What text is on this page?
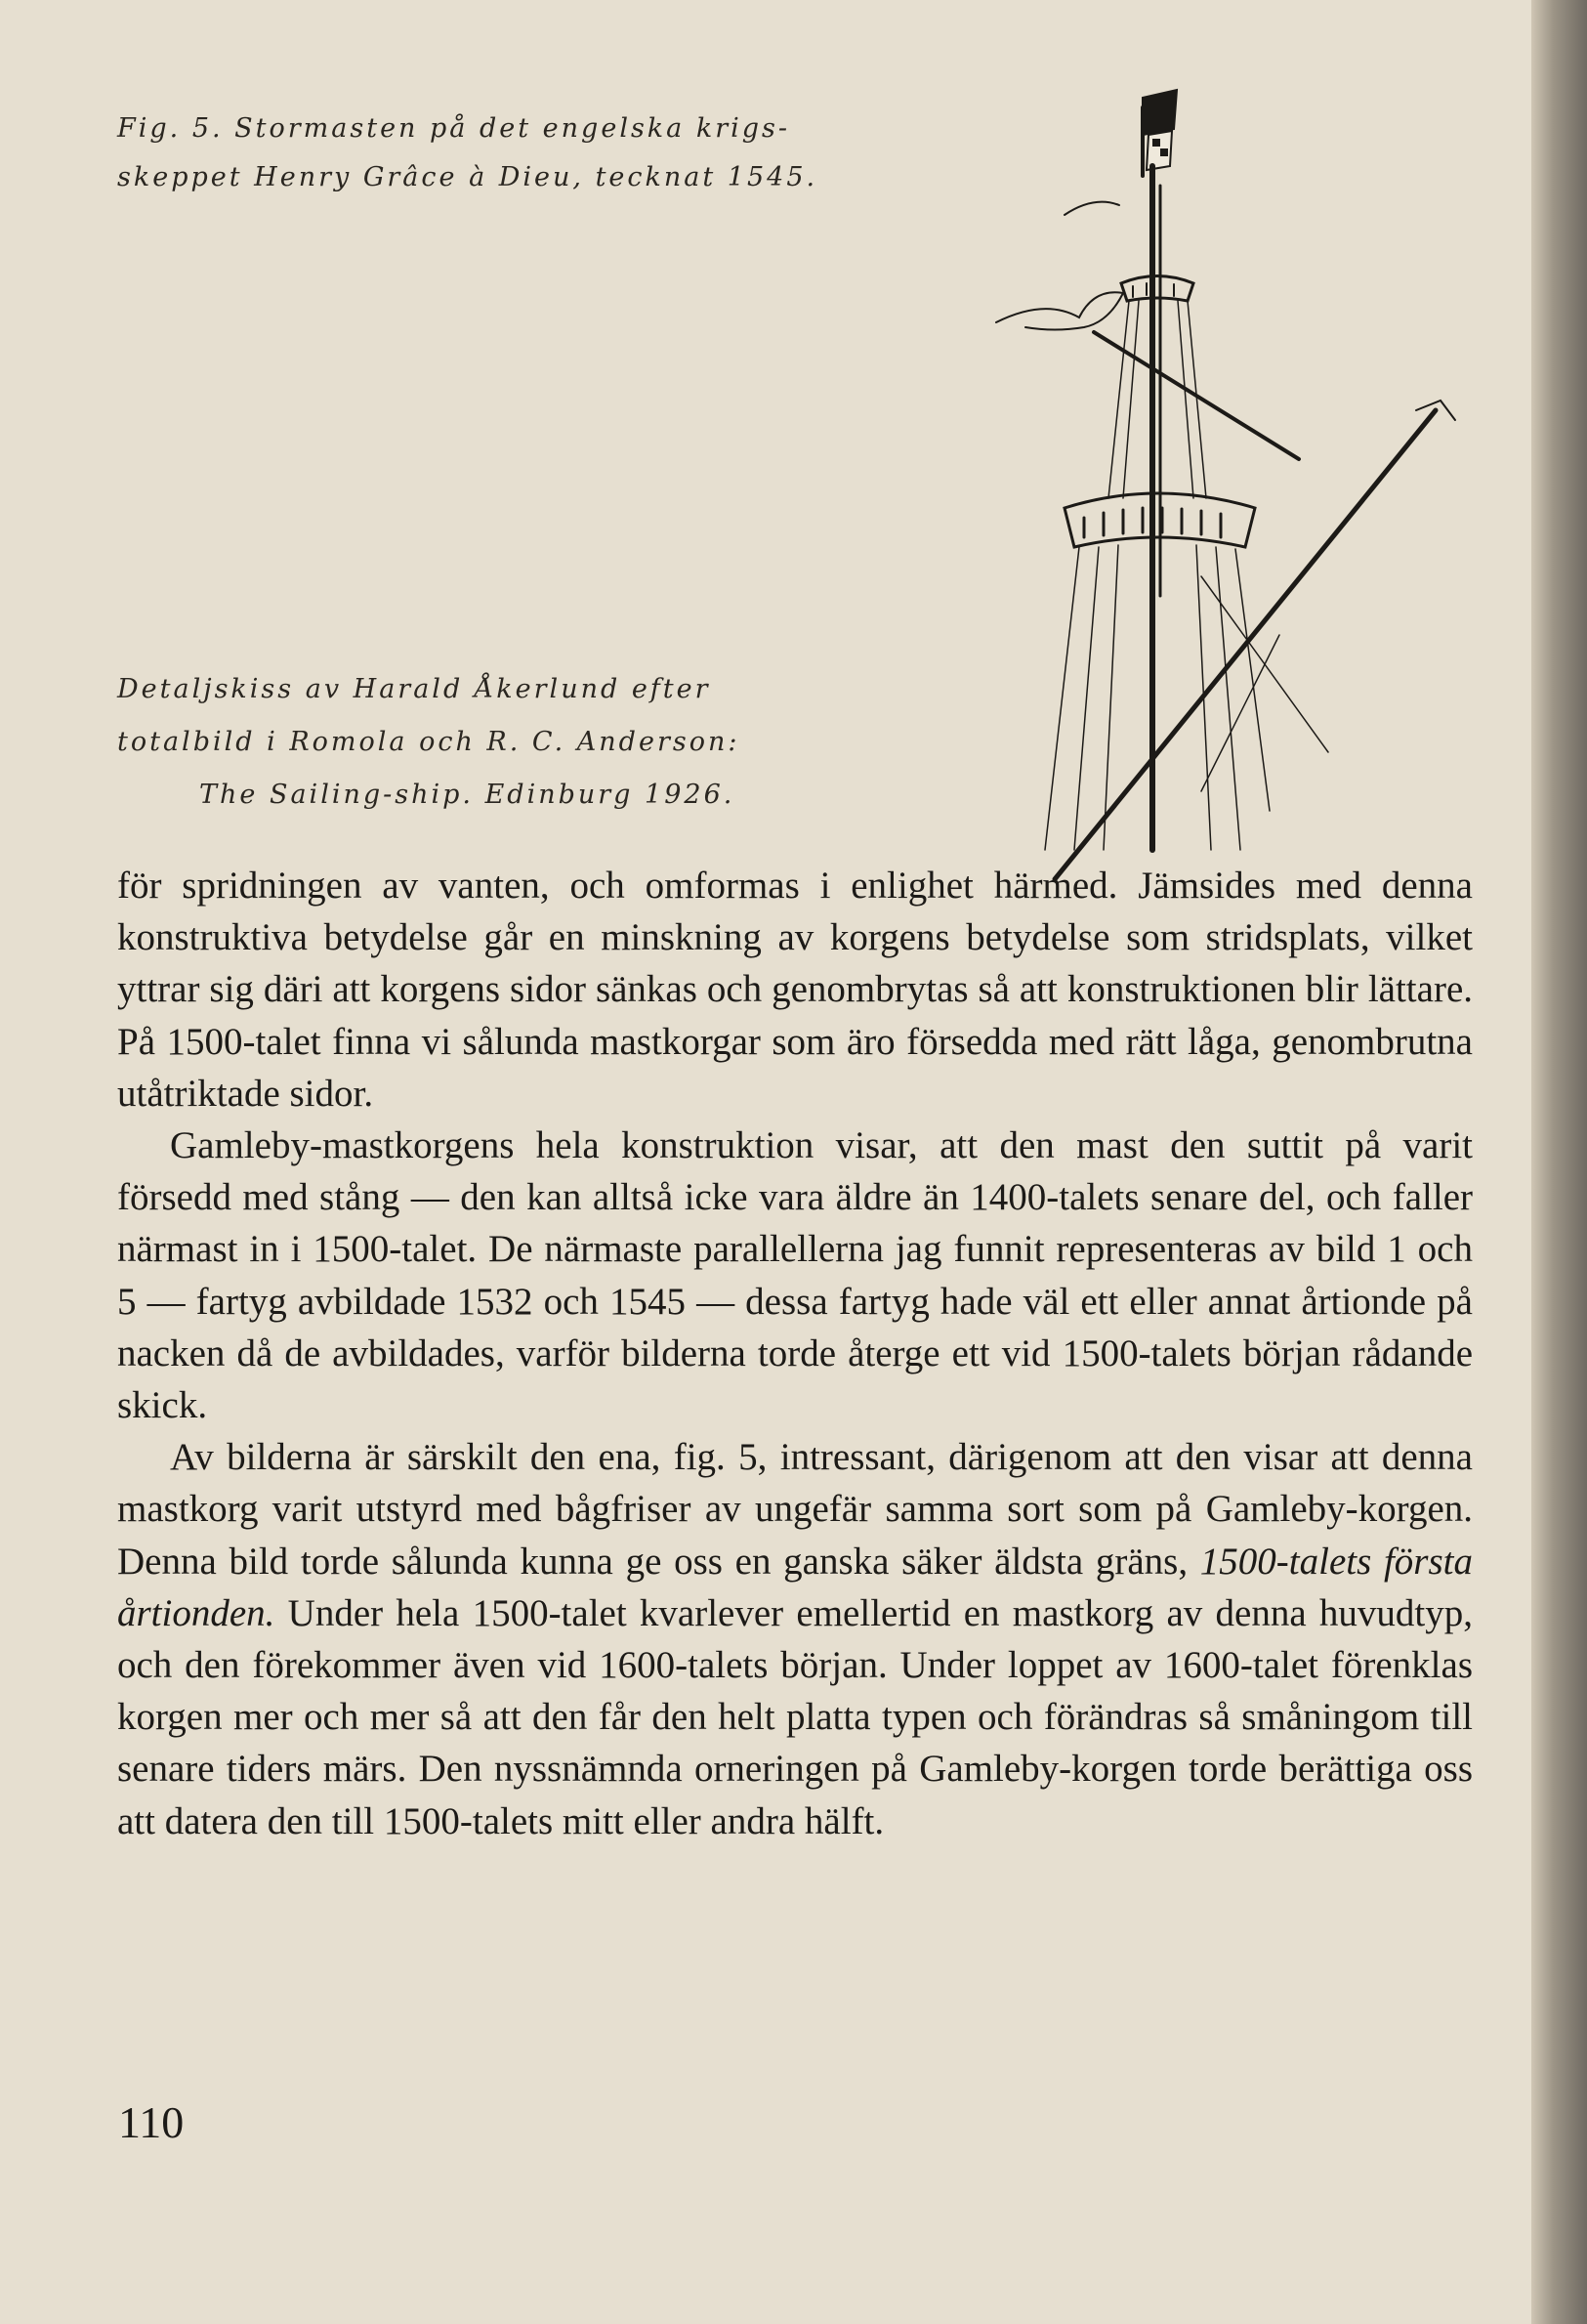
Fig. 5. Stormasten på det engelska krigs-
skeppet Henry Grâce à Dieu, tecknat 1545.
Detaljskiss av Harald Åkerlund efter
totalbild i Romola och R. C. Anderson:
The Sailing-ship. Edinburg 1926.

för spridningen av vanten, och omformas i enlighet härmed. Jämsides med denna konstruktiva betydelse går en minskning av korgens betydelse som stridsplats, vilket yttrar sig däri att korgens sidor sänkas och genombrytas så att konstruktionen blir lättare. På 1500-talet finna vi sålunda mastkorgar som äro försedda med rätt låga, genombrutna utåtriktade sidor.

Gamleby-mastkorgens hela konstruktion visar, att den mast den suttit på varit försedd med stång — den kan alltså icke vara äldre än 1400-talets senare del, och faller närmast in i 1500-talet. De närmaste parallellerna jag funnit representeras av bild 1 och 5 — fartyg avbildade 1532 och 1545 — dessa fartyg hade väl ett eller annat årtionde på nacken då de avbildades, varför bilderna torde återge ett vid 1500-talets början rådande skick.

Av bilderna är särskilt den ena, fig. 5, intressant, därigenom att den visar att denna mastkorg varit utstyrd med bågfriser av ungefär samma sort som på Gamleby-korgen. Denna bild torde sålunda kunna ge oss en ganska säker äldsta gräns, 1500-talets första årtionden. Under hela 1500-talet kvarlever emellertid en mastkorg av denna huvudtyp, och den förekommer även vid 1600-talets början. Under loppet av 1600-talet förenklas korgen mer och mer så att den får den helt platta typen och förändras så småningom till senare tiders märs. Den nyssnämnda orneringen på Gamleby-korgen torde berättiga oss att datera den till 1500-talets mitt eller andra hälft.

110
